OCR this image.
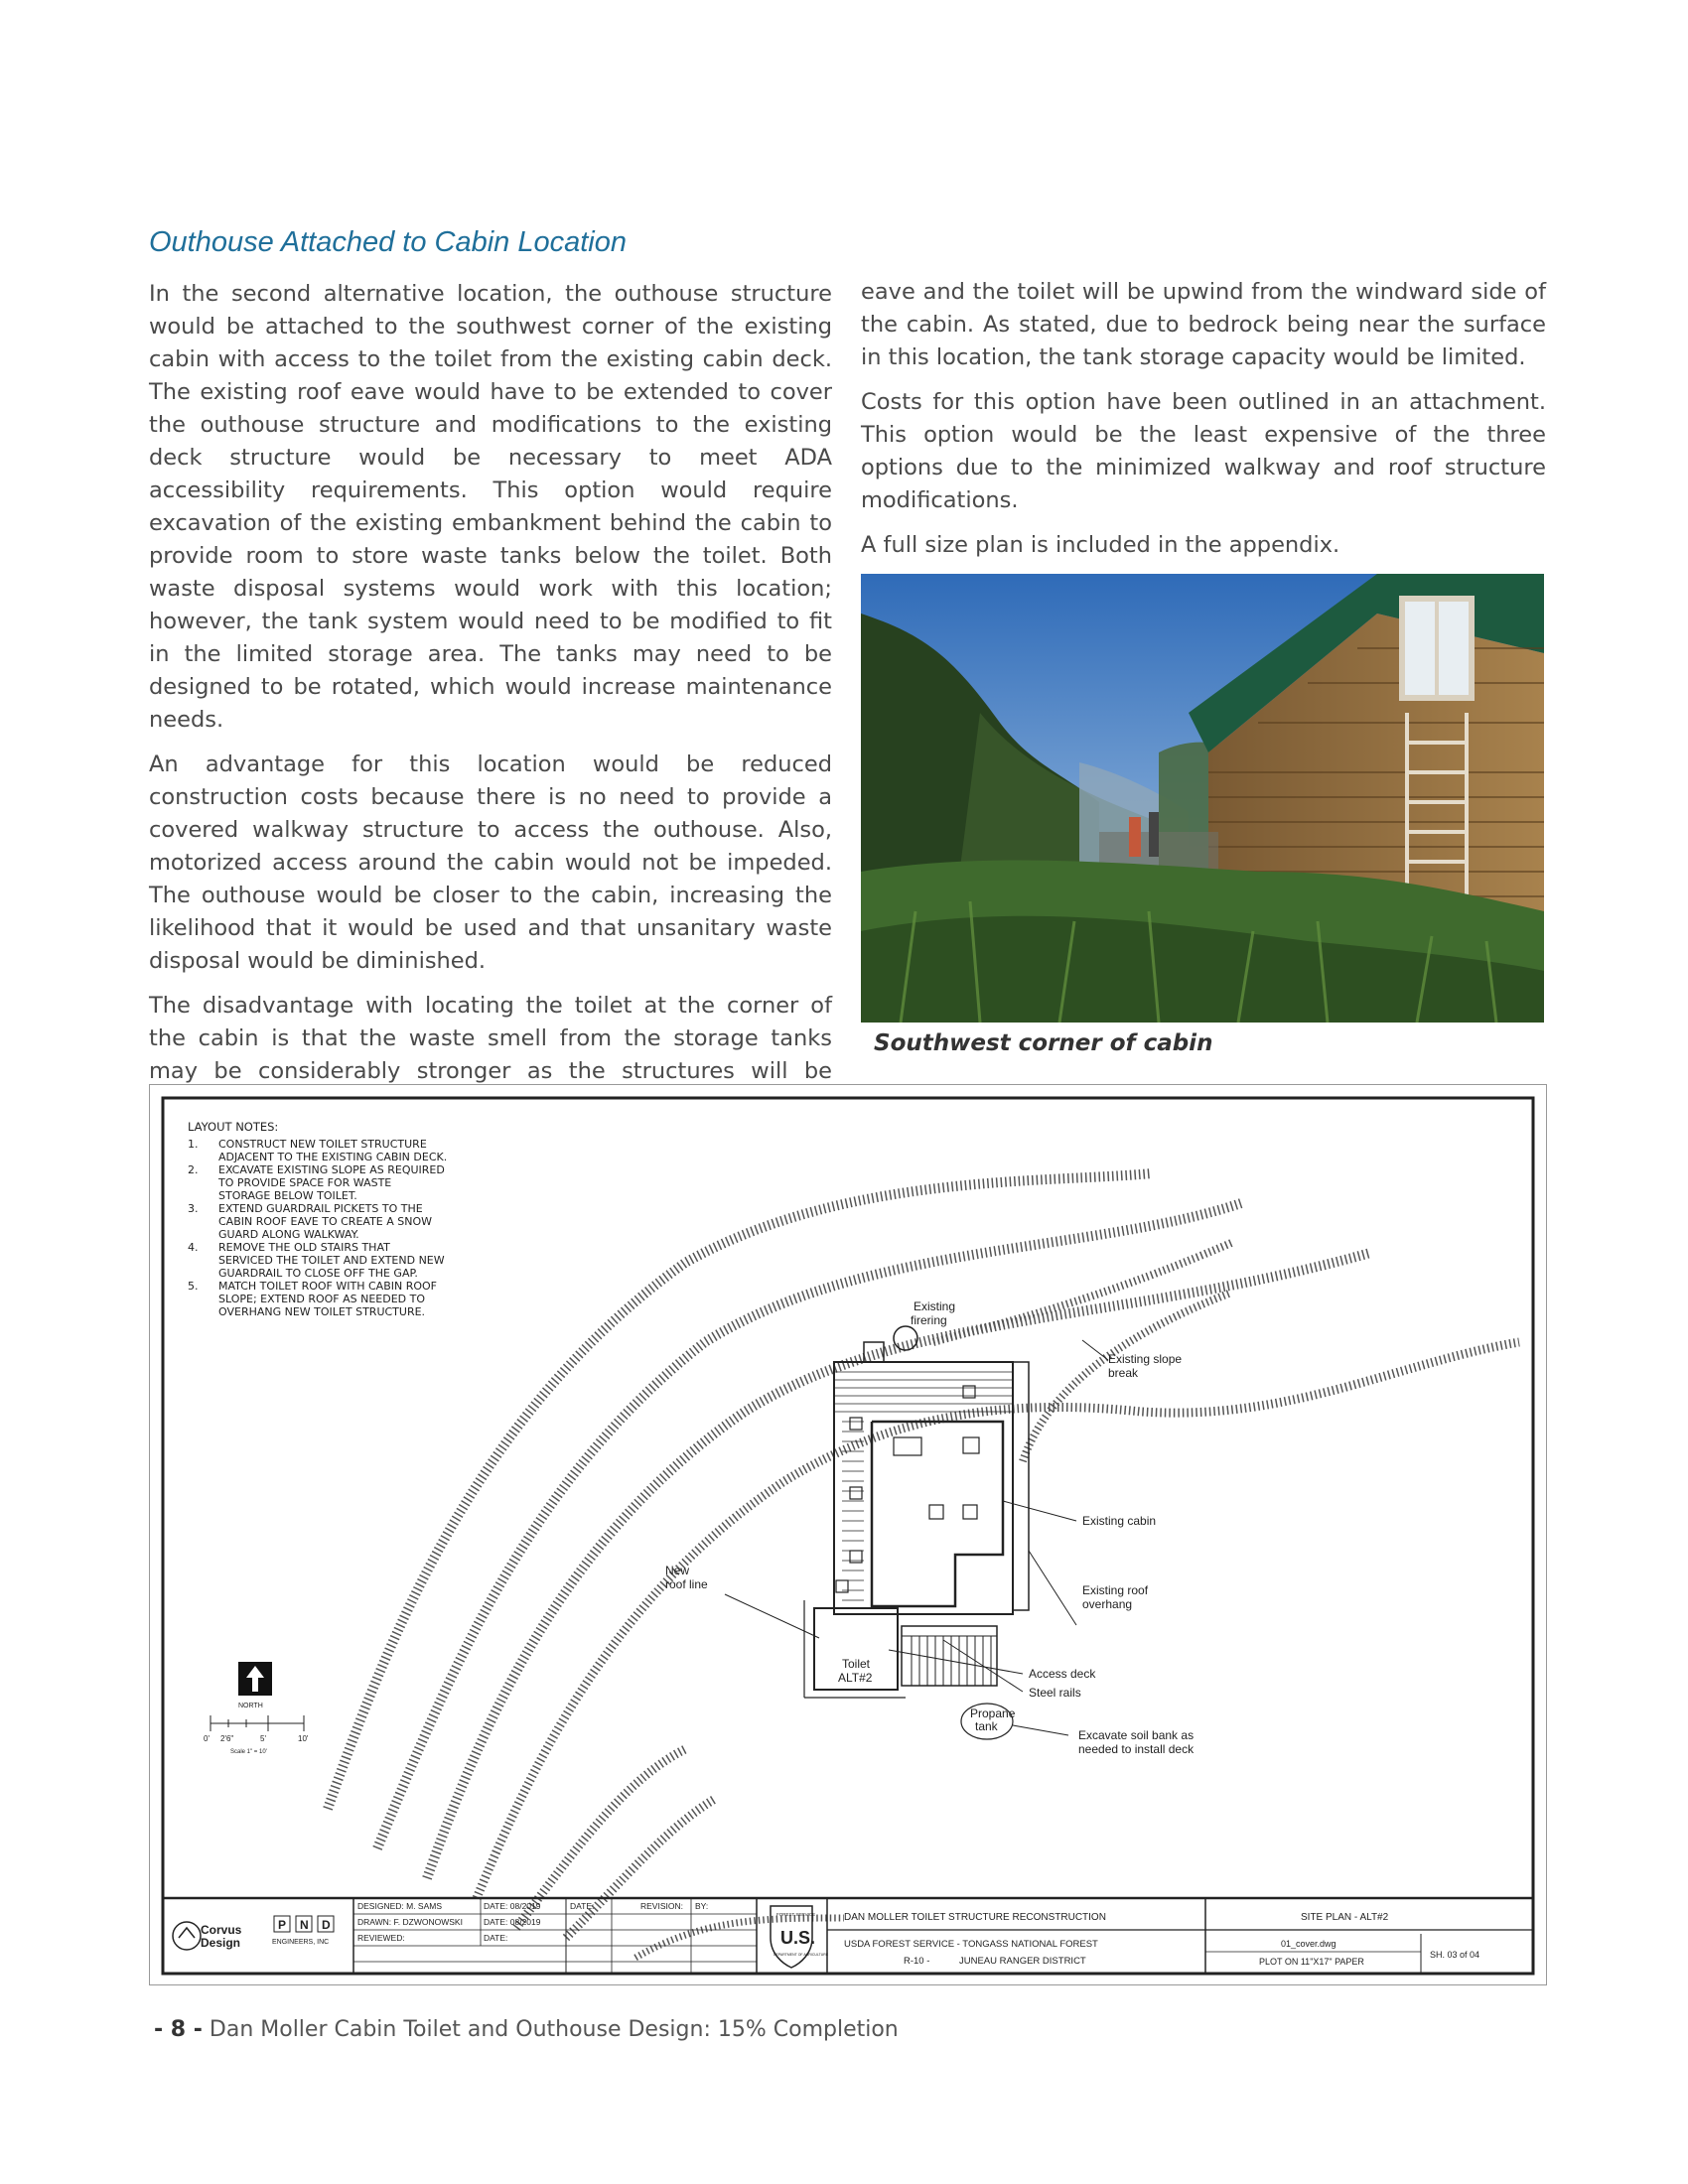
Outhouse Attached to Cabin Location

In the second alternative location, the outhouse structure would be attached to the southwest corner of the existing cabin with access to the toilet from the existing cabin deck. The existing roof eave would have to be extended to cover the outhouse structure and modifications to the existing deck structure would be necessary to meet ADA accessibility requirements. This option would require excavation of the existing embankment behind the cabin to provide room to store waste tanks below the toilet. Both waste disposal systems would work with this location; however, the tank system would need to be modified to fit in the limited storage area. The tanks may need to be designed to be rotated, which would increase maintenance needs.

An advantage for this location would be reduced construction costs because there is no need to provide a covered walkway structure to access the outhouse. Also, motorized access around the cabin would not be impeded. The outhouse would be closer to the cabin, increasing the likelihood that it would be used and that unsanitary waste disposal would be diminished.

The disadvantage with locating the toilet at the corner of the cabin is that the waste smell from the storage tanks may be considerably stronger as the structures will be

eave and the toilet will be upwind from the windward side of the cabin. As stated, due to bedrock being near the surface in this location, the tank storage capacity would be limited.

Costs for this option have been outlined in an attachment. This option would be the least expensive of the three options due to the minimized walkway and roof structure modifications.

A full size plan is included in the appendix.

Southwest corner of cabin
LAYOUT NOTES:
1. CONSTRUCT NEW TOILET STRUCTURE
ADJACENT TO THE EXISTING CABIN DECK.
2. EXCAVATE EXISTING SLOPE AS REQUIRED
TO PROVIDE SPACE FOR WASTE
STORAGE BELOW TOILET.
3. EXTEND GUARDRAIL PICKETS TO THE
CABIN ROOF EAVE TO CREATE A SNOW
GUARD ALONG WALKWAY.
4. REMOVE THE OLD STAIRS THAT
SERVICED THE TOILET AND EXTEND NEW
GUARDRAIL TO CLOSE OFF THE GAP.
5. MATCH TOILET ROOF WITH CABIN ROOF
SLOPE; EXTEND ROOF AS NEEDED TO
OVERHANG NEW TOILET STRUCTURE.	Existing
firering
Existing slope
break
Toilet
ALT#2
Propane
tank
Existing cabin
Existing roof
overhang
New
roof line
Access deck
Steel rails
Excavate soil bank as
needed to install deck
NORTH
0' 2'6"	5'	10'
Scale 1" = 10'
Corvus
Design
P N D
ENGINEERS, INC
DESIGNED: M. SAMS	DATE: 08/2019
DRAWN: F. DZWONOWSKI DATE: 08/2019
REVIEWED:	DATE:
DATE:	REVISION: BY:
FOREST SERVICE
U.S.
DEPARTMENT OF AGRICULTURE
DAN MOLLER TOILET STRUCTURE RECONSTRUCTION
USDA FOREST SERVICE - TONGASS NATIONAL FOREST
R-10 -	JUNEAU RANGER DISTRICT
SITE PLAN - ALT#2
01_cover.dwg
PLOT ON 11"X17" PAPER
SH. 03 of 04
- 8 - Dan Moller Cabin Toilet and Outhouse Design: 15% Completion
